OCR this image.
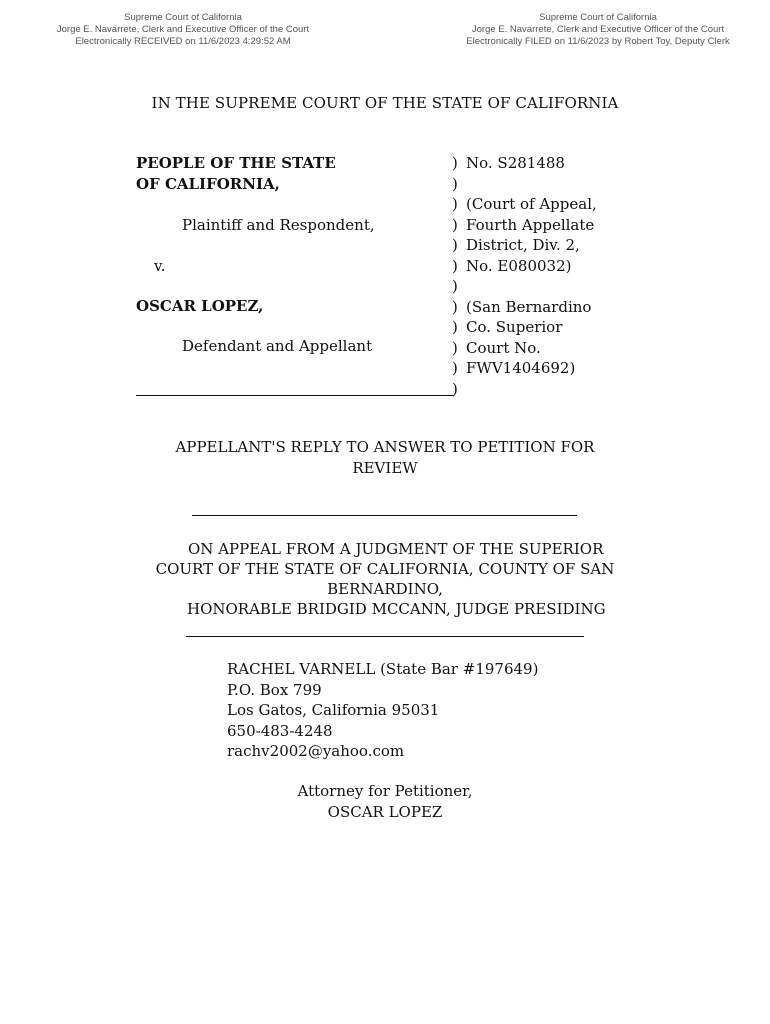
Supreme Court of California
Jorge E. Navarrete, Clerk and Executive Officer of the Court
Electronically RECEIVED on 11/6/2023 4:29:52 AM
Supreme Court of California
Jorge E. Navarrete, Clerk and Executive Officer of the Court
Electronically FILED on 11/6/2023 by Robert Toy, Deputy Clerk
IN THE SUPREME COURT OF THE STATE OF CALIFORNIA
PEOPLE OF THE STATE
OF CALIFORNIA,
Plaintiff and Respondent,
v.
OSCAR LOPEZ,
Defendant and Appellant
) No. S281488
)
) (Court of Appeal,
) Fourth Appellate
) District, Div. 2,
) No. E080032)
)
) (San Bernardino
) Co. Superior
) Court No.
) FWV1404692)
)
APPELLANT'S REPLY TO ANSWER TO PETITION FOR
REVIEW
ON APPEAL FROM A JUDGMENT OF THE SUPERIOR
COURT OF THE STATE OF CALIFORNIA, COUNTY OF SAN
BERNARDINO,
HONORABLE BRIDGID MCCANN, JUDGE PRESIDING
RACHEL VARNELL (State Bar #197649)
P.O. Box 799
Los Gatos, California 95031
650-483-4248
rachv2002@yahoo.com
Attorney for Petitioner,
OSCAR LOPEZ
